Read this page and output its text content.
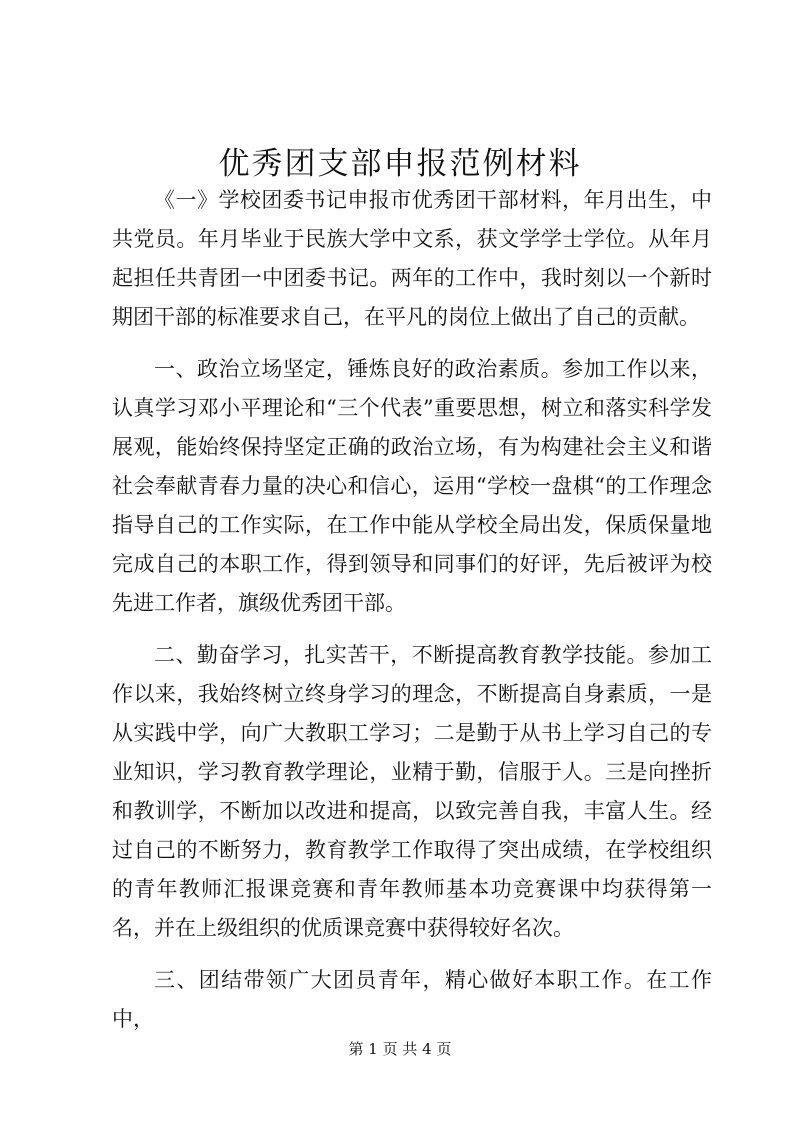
优秀团支部申报范例材料

《一》学校团委书记申报市优秀团干部材料，年月出生，中共党员。年月毕业于民族大学中文系，获文学学士学位。从年月起担任共青团一中团委书记。两年的工作中，我时刻以一个新时期团干部的标准要求自己，在平凡的岗位上做出了自己的贡献。

一、政治立场坚定，锤炼良好的政治素质。参加工作以来，认真学习邓小平理论和“三个代表”重要思想，树立和落实科学发展观，能始终保持坚定正确的政治立场，有为构建社会主义和谐社会奉献青春力量的决心和信心，运用“学校一盘棋“的工作理念指导自己的工作实际，在工作中能从学校全局出发，保质保量地完成自己的本职工作，得到领导和同事们的好评，先后被评为校先进工作者，旗级优秀团干部。

二、勤奋学习，扎实苦干，不断提高教育教学技能。参加工作以来，我始终树立终身学习的理念，不断提高自身素质，一是从实践中学，向广大教职工学习；二是勤于从书上学习自己的专业知识，学习教育教学理论，业精于勤，信服于人。三是向挫折和教训学，不断加以改进和提高，以致完善自我，丰富人生。经过自己的不断努力，教育教学工作取得了突出成绩，在学校组织的青年教师汇报课竞赛和青年教师基本功竞赛课中均获得第一名，并在上级组织的优质课竞赛中获得较好名次。

三、团结带领广大团员青年，精心做好本职工作。在工作中，

第 1 页 共 4 页
